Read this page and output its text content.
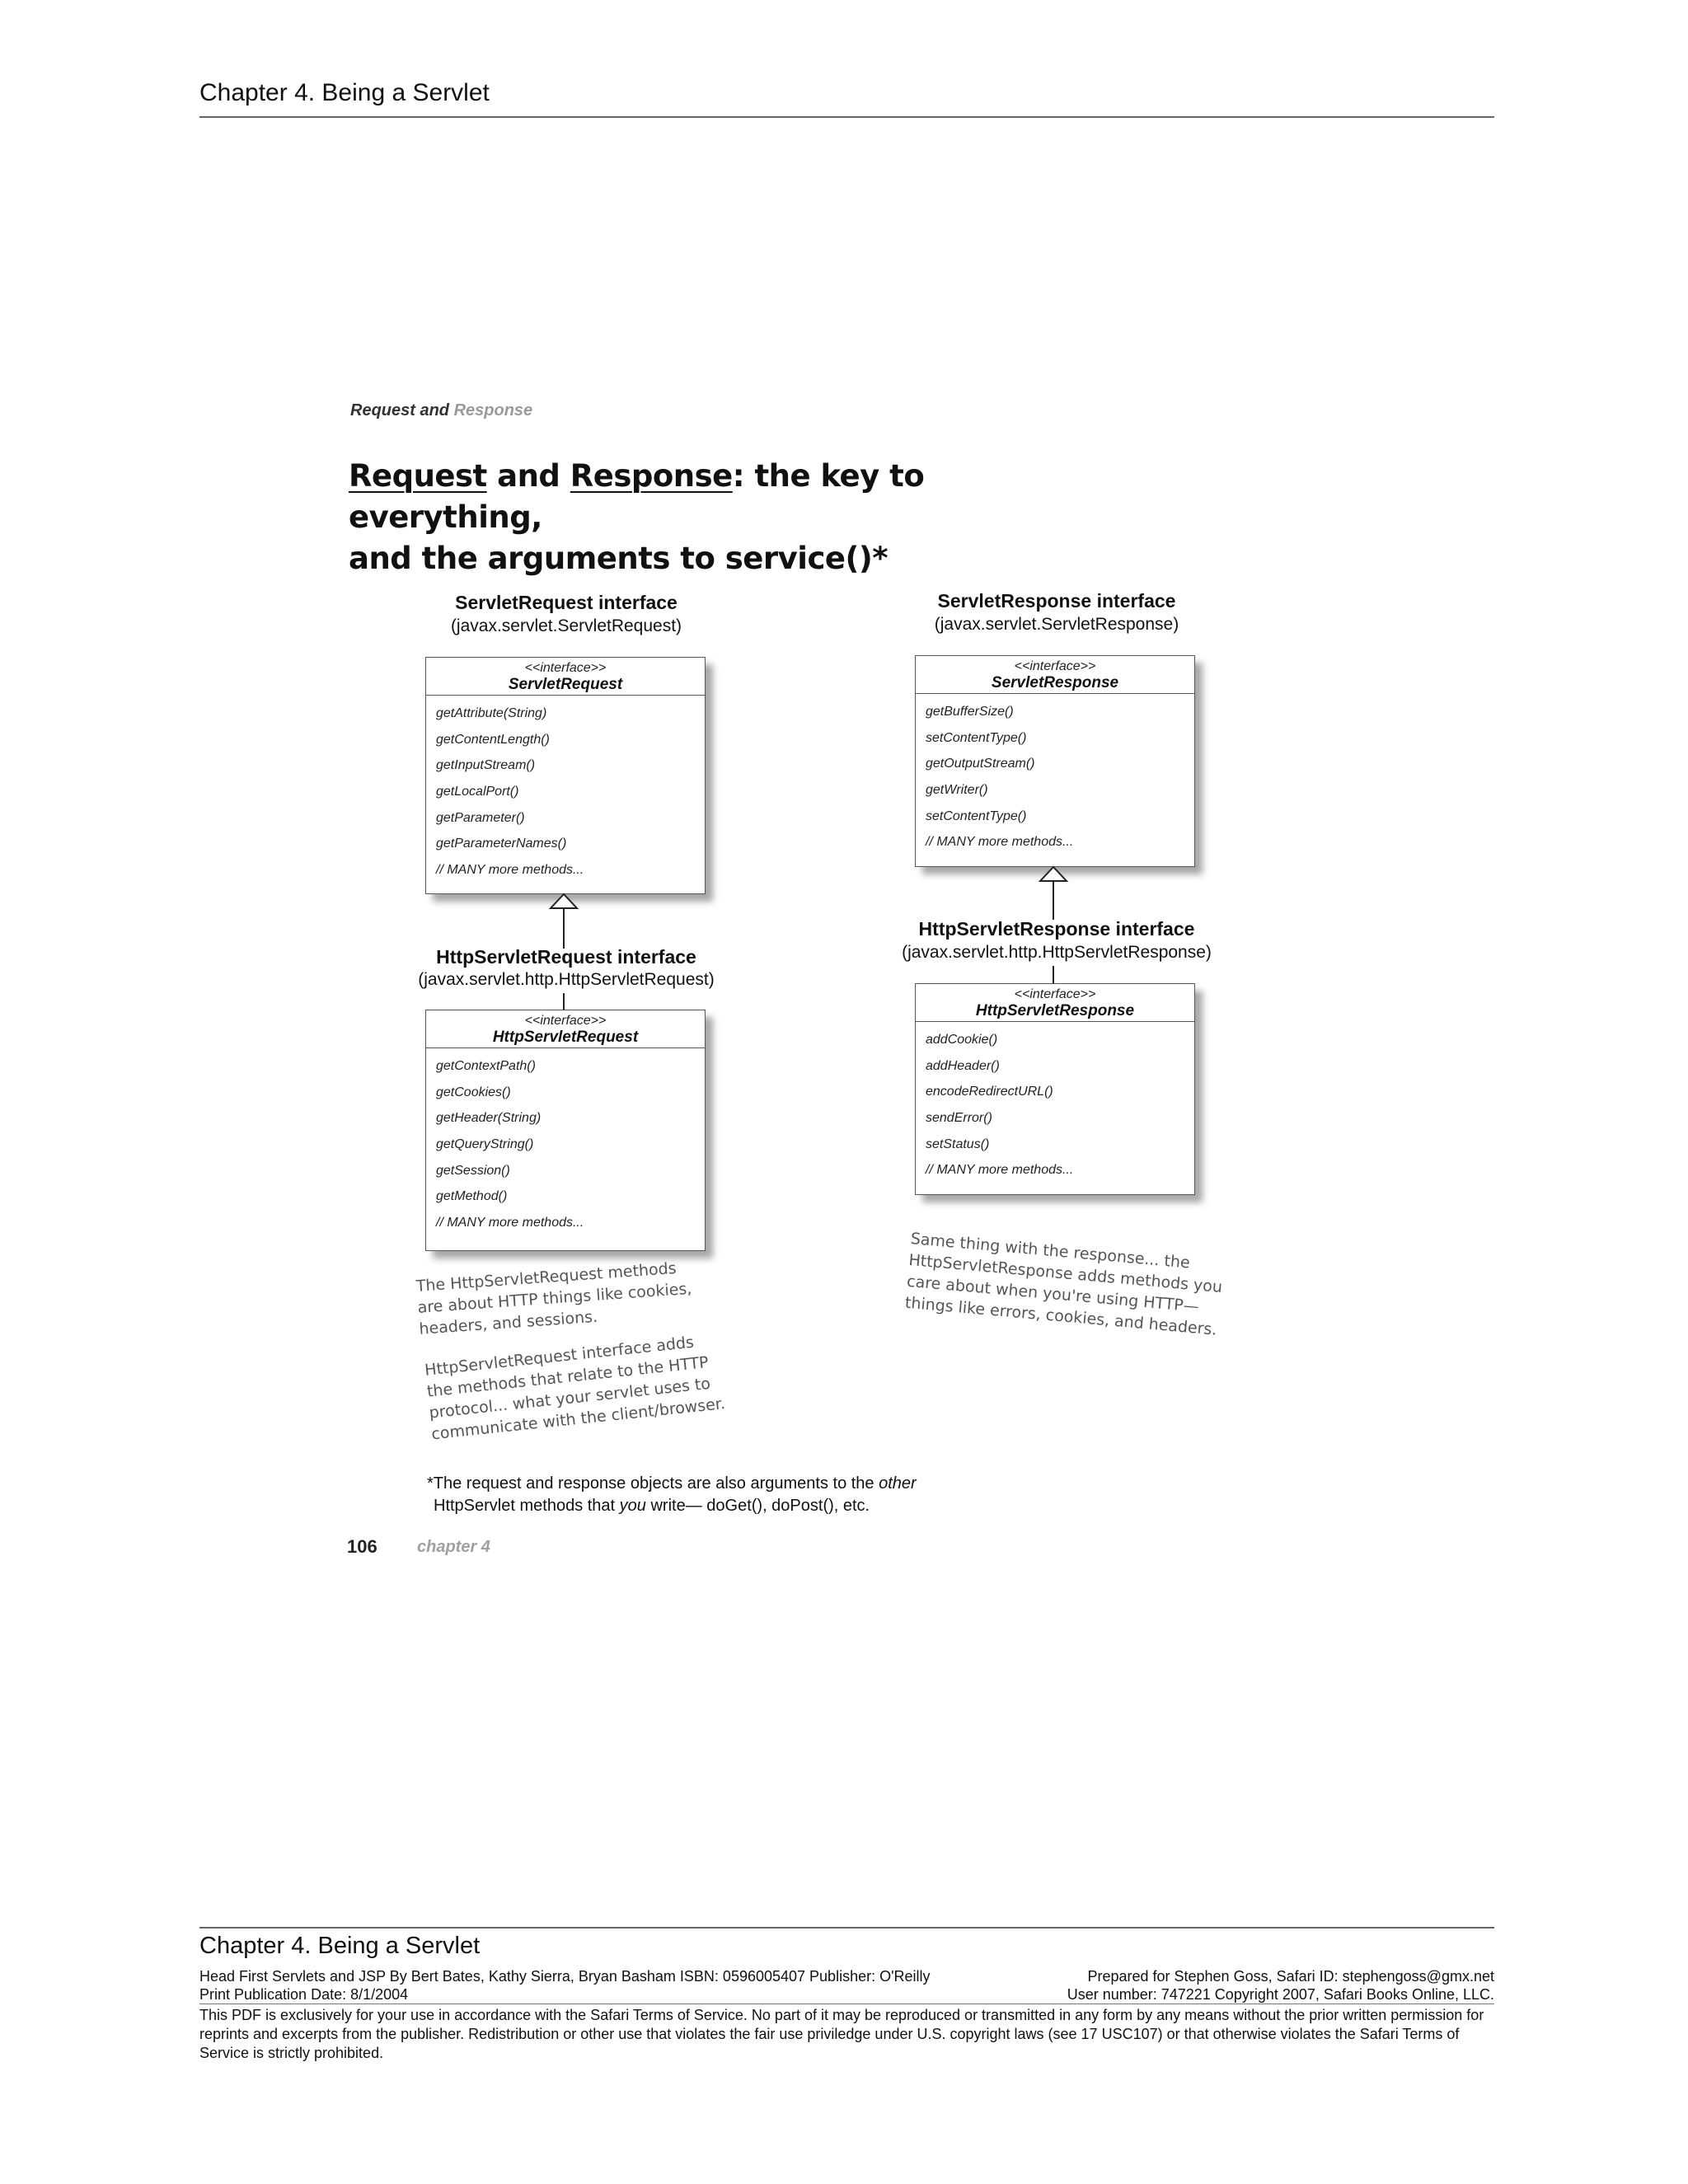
Chapter 4. Being a Servlet
Request and Response
Request and Response: the key to everything,
and the arguments to service()*
ServletRequest interface
(javax.servlet.ServletRequest)
<<interface>>
ServletRequest
getAttribute(String)
getContentLength()
getInputStream()
getLocalPort()
getParameter()
getParameterNames()
// MANY more methods...
HttpServletRequest interface
(javax.servlet.http.HttpServletRequest)
<<interface>>
HttpServletRequest
getContextPath()
getCookies()
getHeader(String)
getQueryString()
getSession()
getMethod()
// MANY more methods...
ServletResponse interface
(javax.servlet.ServletResponse)
<<interface>>
ServletResponse
getBufferSize()
setContentType()
getOutputStream()
getWriter()
setContentType()
// MANY more methods...
HttpServletResponse interface
(javax.servlet.http.HttpServletResponse)
<<interface>>
HttpServletResponse
addCookie()
addHeader()
encodeRedirectURL()
sendError()
setStatus()
// MANY more methods...
The HttpServletRequest methods
are about HTTP things like cookies,
headers, and sessions.
HttpServletRequest interface adds
the methods that relate to the HTTP
protocol... what your servlet uses to
communicate with the client/browser.
Same thing with the response... the
HttpServletResponse adds methods you
care about when you're using HTTP—
things like errors, cookies, and headers.
*The request and response objects are also arguments to the other
HttpServlet methods that you write— doGet(), doPost(), etc.
106 chapter 4
Chapter 4. Being a Servlet
Head First Servlets and JSP By Bert Bates, Kathy Sierra, Bryan Basham ISBN: 0596005407 Publisher: O'Reilly	Prepared for Stephen Goss, Safari ID: stephengoss@gmx.net
Print Publication Date: 8/1/2004	User number: 747221 Copyright 2007, Safari Books Online, LLC.
This PDF is exclusively for your use in accordance with the Safari Terms of Service. No part of it may be reproduced or transmitted in any form by any means without the prior written permission for reprints and excerpts from the publisher. Redistribution or other use that violates the fair use priviledge under U.S. copyright laws (see 17 USC107) or that otherwise violates the Safari Terms of Service is strictly prohibited.
